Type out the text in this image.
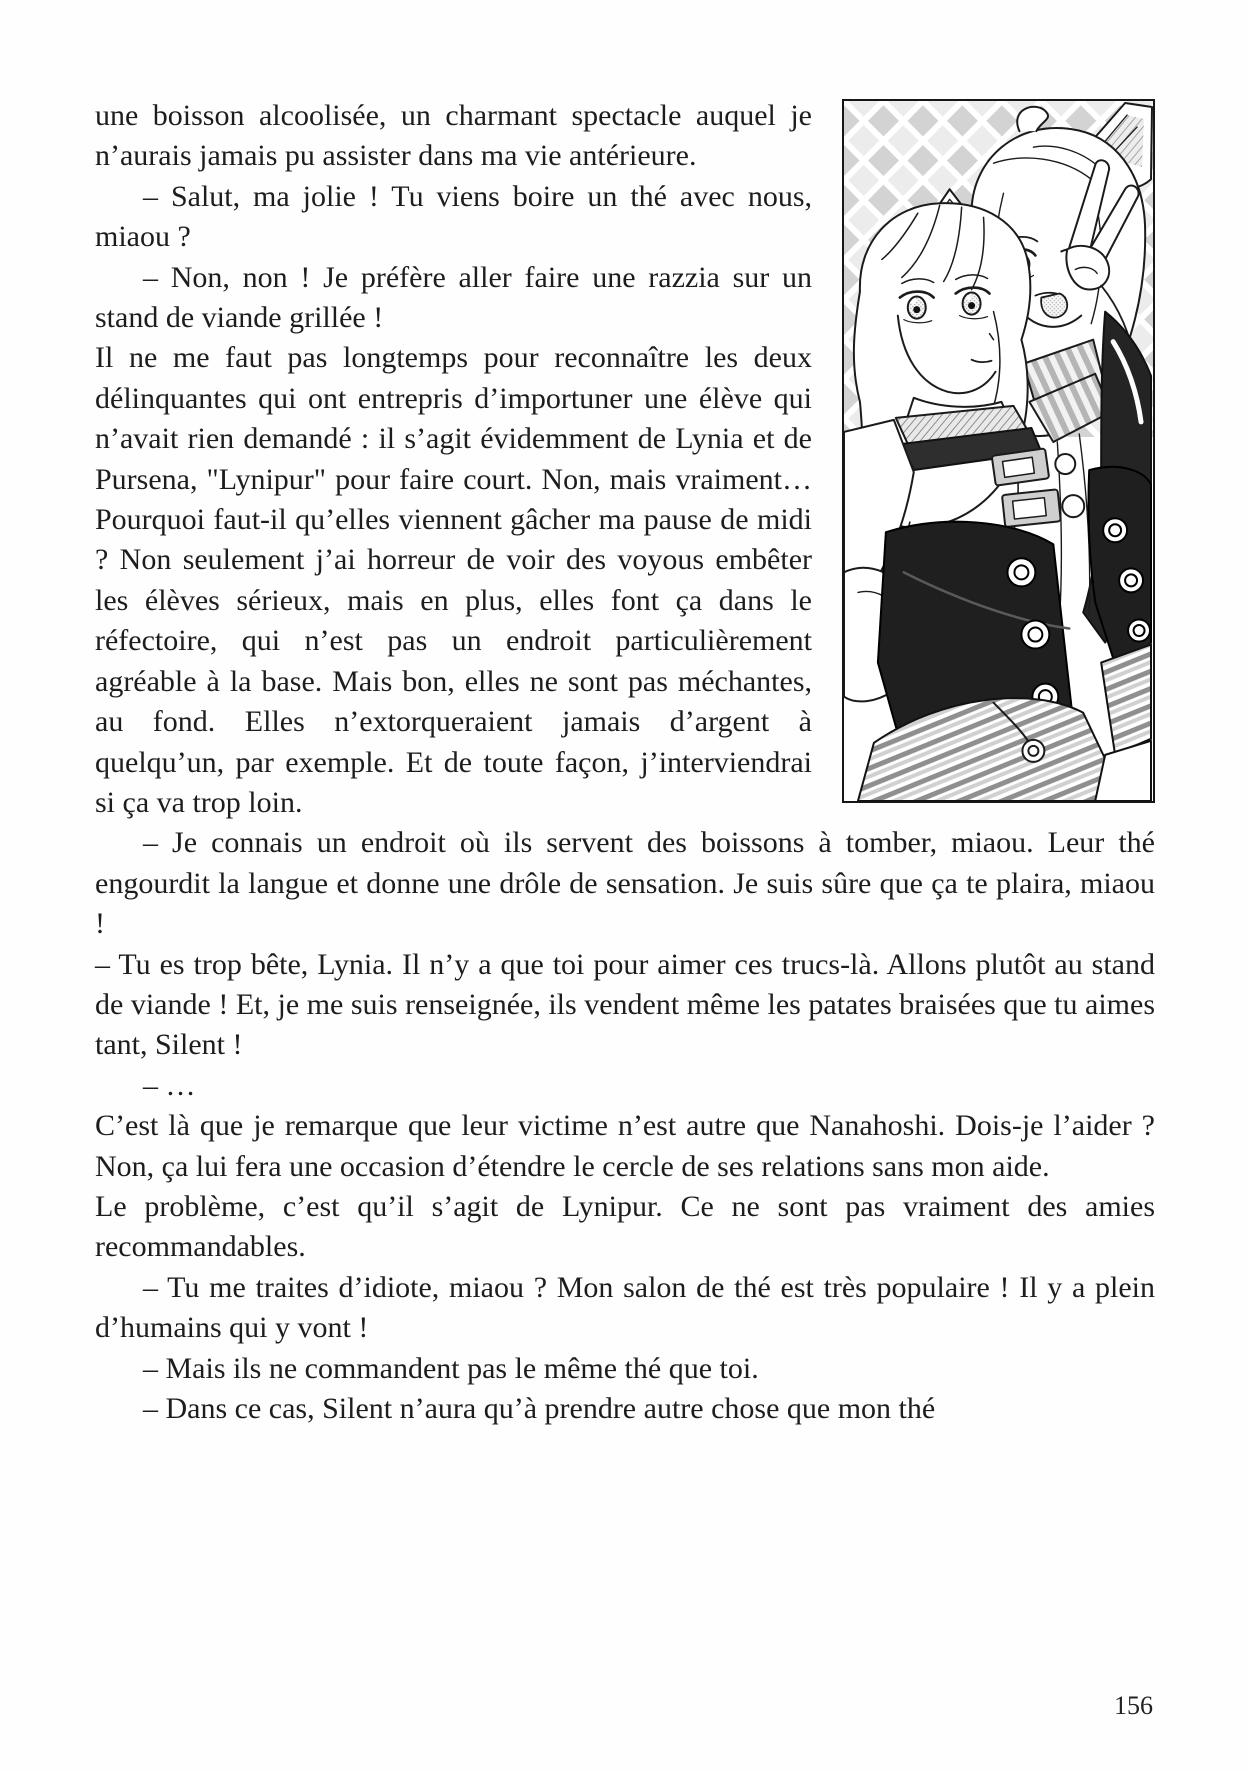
une boisson alcoolisée, un charmant spectacle auquel je n’aurais jamais pu assister dans ma vie antérieure.

– Salut, ma jolie ! Tu viens boire un thé avec nous, miaou ?

– Non, non ! Je préfère aller faire une razzia sur un stand de viande grillée !

Il ne me faut pas longtemps pour reconnaître les deux délinquantes qui ont entrepris d’importuner une élève qui n’avait rien demandé : il s’agit évidemment de Lynia et de Pursena, "Lynipur" pour faire court. Non, mais vraiment… Pourquoi faut-il qu’elles viennent gâcher ma pause de midi ? Non seulement j’ai horreur de voir des voyous embêter les élèves sérieux, mais en plus, elles font ça dans le réfectoire, qui n’est pas un endroit particulièrement agréable à la base. Mais bon, elles ne sont pas méchantes, au fond. Elles n’extorqueraient jamais d’argent à quelqu’un, par exemple. Et de toute façon, j’interviendrai si ça va trop loin.

– Je connais un endroit où ils servent des boissons à tomber, miaou. Leur thé engourdit la langue et donne une drôle de sensation. Je suis sûre que ça te plaira, miaou !

– Tu es trop bête, Lynia. Il n’y a que toi pour aimer ces trucs-là. Allons plutôt au stand de viande ! Et, je me suis renseignée, ils vendent même les patates braisées que tu aimes tant, Silent !

– …

C’est là que je remarque que leur victime n’est autre que Nanahoshi. Dois-je l’aider ? Non, ça lui fera une occasion d’étendre le cercle de ses relations sans mon aide.

Le problème, c’est qu’il s’agit de Lynipur. Ce ne sont pas vraiment des amies recommandables.

– Tu me traites d’idiote, miaou ? Mon salon de thé est très populaire ! Il y a plein d’humains qui y vont !

– Mais ils ne commandent pas le même thé que toi.

– Dans ce cas, Silent n’aura qu’à prendre autre chose que mon thé

156
